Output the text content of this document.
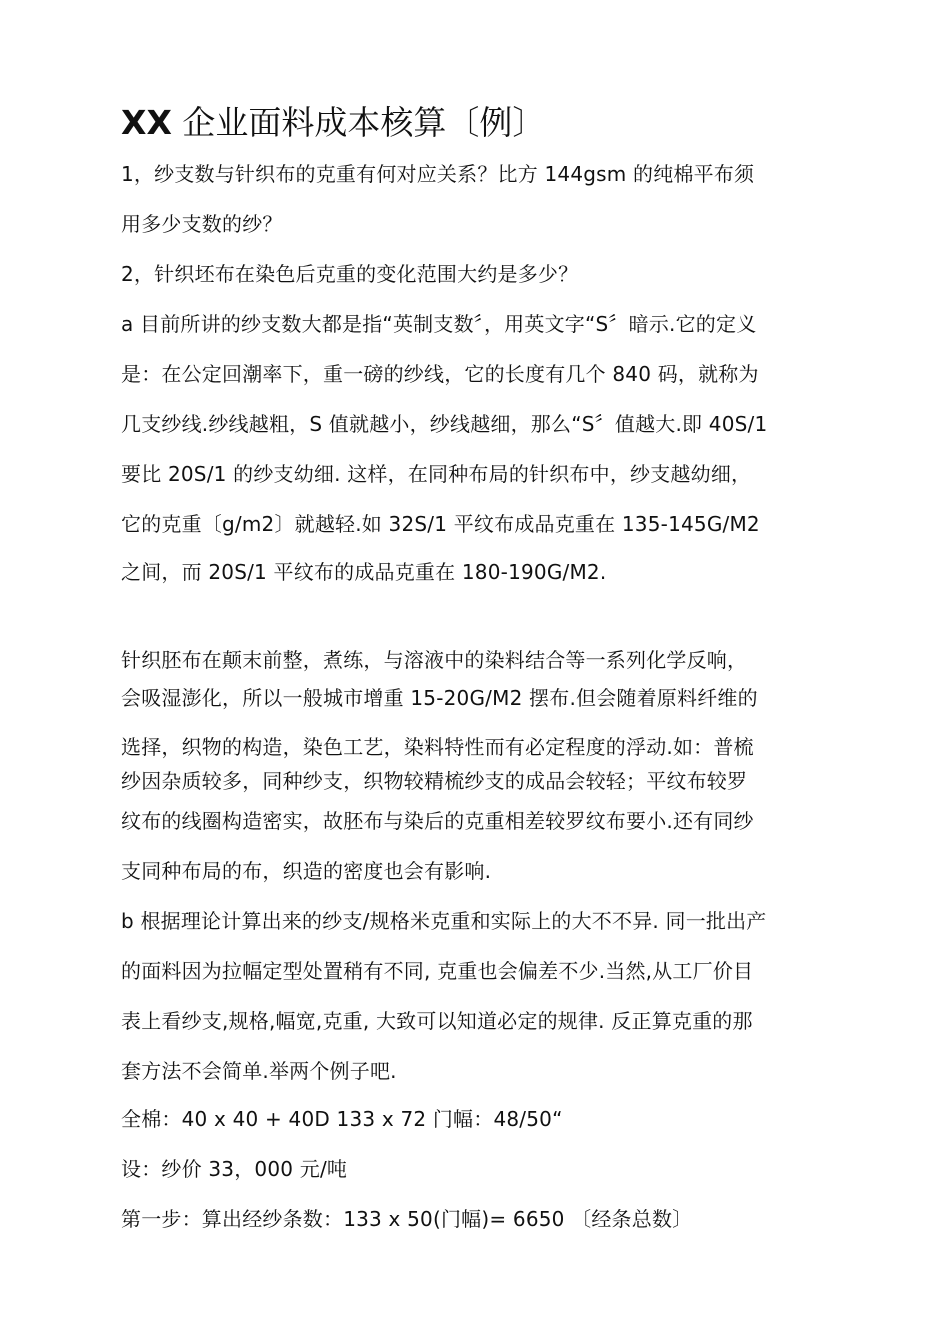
XX 企业面料成本核算〔例〕
1，纱支数与针织布的克重有何对应关系？比方 144gsm 的纯棉平布须
用多少支数的纱？
2，针织坯布在染色后克重的变化范围大约是多少？
a 目前所讲的纱支数大都是指“英制支数〞，用英文字“S〞暗示.它的定义
是：在公定回潮率下，重一磅的纱线，它的长度有几个 840 码，就称为
几支纱线.纱线越粗，S 值就越小，纱线越细，那么“S〞值越大.即 40S/1
要比 20S/1 的纱支幼细. 这样，在同种布局的针织布中，纱支越幼细，
它的克重〔g/m2〕就越轻.如 32S/1 平纹布成品克重在 135-145G/M2
之间，而 20S/1 平纹布的成品克重在 180-190G/M2.
针织胚布在颠末前整，煮练，与溶液中的染料结合等一系列化学反响，
会吸湿澎化，所以一般城市增重 15-20G/M2 摆布.但会随着原料纤维的
选择，织物的构造，染色工艺，染料特性而有必定程度的浮动.如：普梳
纱因杂质较多，同种纱支，织物较精梳纱支的成品会较轻；平纹布较罗
纹布的线圈构造密实，故胚布与染后的克重相差较罗纹布要小.还有同纱
支同种布局的布，织造的密度也会有影响.
b 根据理论计算出来的纱支/规格米克重和实际上的大不不异. 同一批出产
的面料因为拉幅定型处置稍有不同, 克重也会偏差不少.当然,从工厂价目
表上看纱支,规格,幅宽,克重, 大致可以知道必定的规律. 反正算克重的那
套方法不会简单.举两个例子吧.
全棉：40 x 40 + 40D 133 x 72 门幅：48/50“
设：纱价 33，000 元/吨
第一步：算出经纱条数：133 x 50(门幅)= 6650 〔经条总数〕
